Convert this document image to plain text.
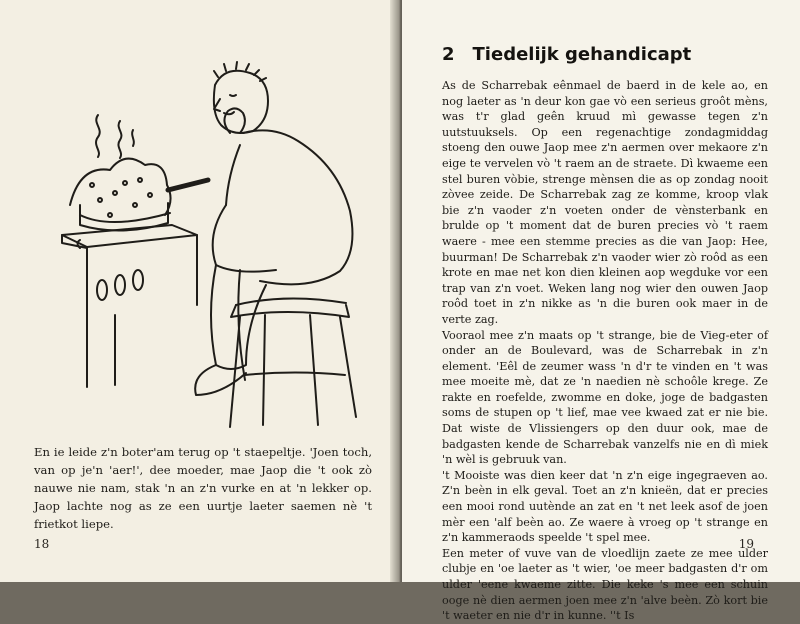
En ie leide z'n boter'am terug op 't staepeltje. 'Joen toch, van op je'n 'aer!', dee moeder, mae Jaop die 't ook zò nauwe nie nam, stak 'n an z'n vurke en at 'n lekker op. Jaop lachte nog as ze een uurtje laeter saemen nè 't frietkot liepe.

18
2 Tiedelijk gehandicapt

As de Scharrebak eênmael de baerd in de kele ao, en nog laeter as 'n deur kon gae vò een serieus groôt mèns, was t'r glad geên kruud mì gewasse tegen z'n uutstuuksels. Op een regenachtige zondagmiddag stoeng den ouwe Jaop mee z'n aermen over mekaore z'n eige te vervelen vò 't raem an de straete. Dì kwaeme een stel buren vòbie, strenge mènsen die as op zondag nooit zòvee zeide. De Scharrebak zag ze komme, kroop vlak bie z'n vaoder z'n voeten onder de vènsterbank en brulde op 't moment dat de buren precies vò 't raem waere - mee een stemme precies as die van Jaop: Hee, buurman! De Scharrebak z'n vaoder wier zò roôd as een krote en mae net kon dien kleinen aop wegduke vor een trap van z'n voet. Weken lang nog wier den ouwen Jaop roôd toet in z'n nikke as 'n die buren ook maer in de verte zag.

Vooraol mee z'n maats op 't strange, bie de Vieg-eter of onder an de Boulevard, was de Scharrebak in z'n element. 'Eêl de zeumer wass 'n d'r te vinden en 't was mee moeite mè, dat ze 'n naedien nè schoôle krege. Ze rakte en roefelde, zwomme en doke, joge de badgasten soms de stupen op 't lief, mae vee kwaed zat er nie bie. Dat wiste de Vlissiengers op den duur ook, mae de badgasten kende de Scharrebak vanzelfs nie en dì miek 'n wèl is gebruuk van.

't Mooiste was dien keer dat 'n z'n eige ingegraeven ao. Z'n beèn in elk geval. Toet an z'n knieën, dat er precies een mooi rond uutènde an zat en 't net leek asof de joen mèr een 'alf beèn ao. Ze waere à vroeg op 't strange en z'n kammeraods speelde 't spel mee.

Een meter of vuve van de vloedlijn zaete ze mee ulder clubje en 'oe laeter as 't wier, 'oe meer badgasten d'r om ulder 'eene kwaeme zitte. Die keke 's mee een schuin ooge nè dien aermen joen mee z'n 'alve beèn. Zò kort bie 't waeter en nie d'r in kunne. ''t Is

19
